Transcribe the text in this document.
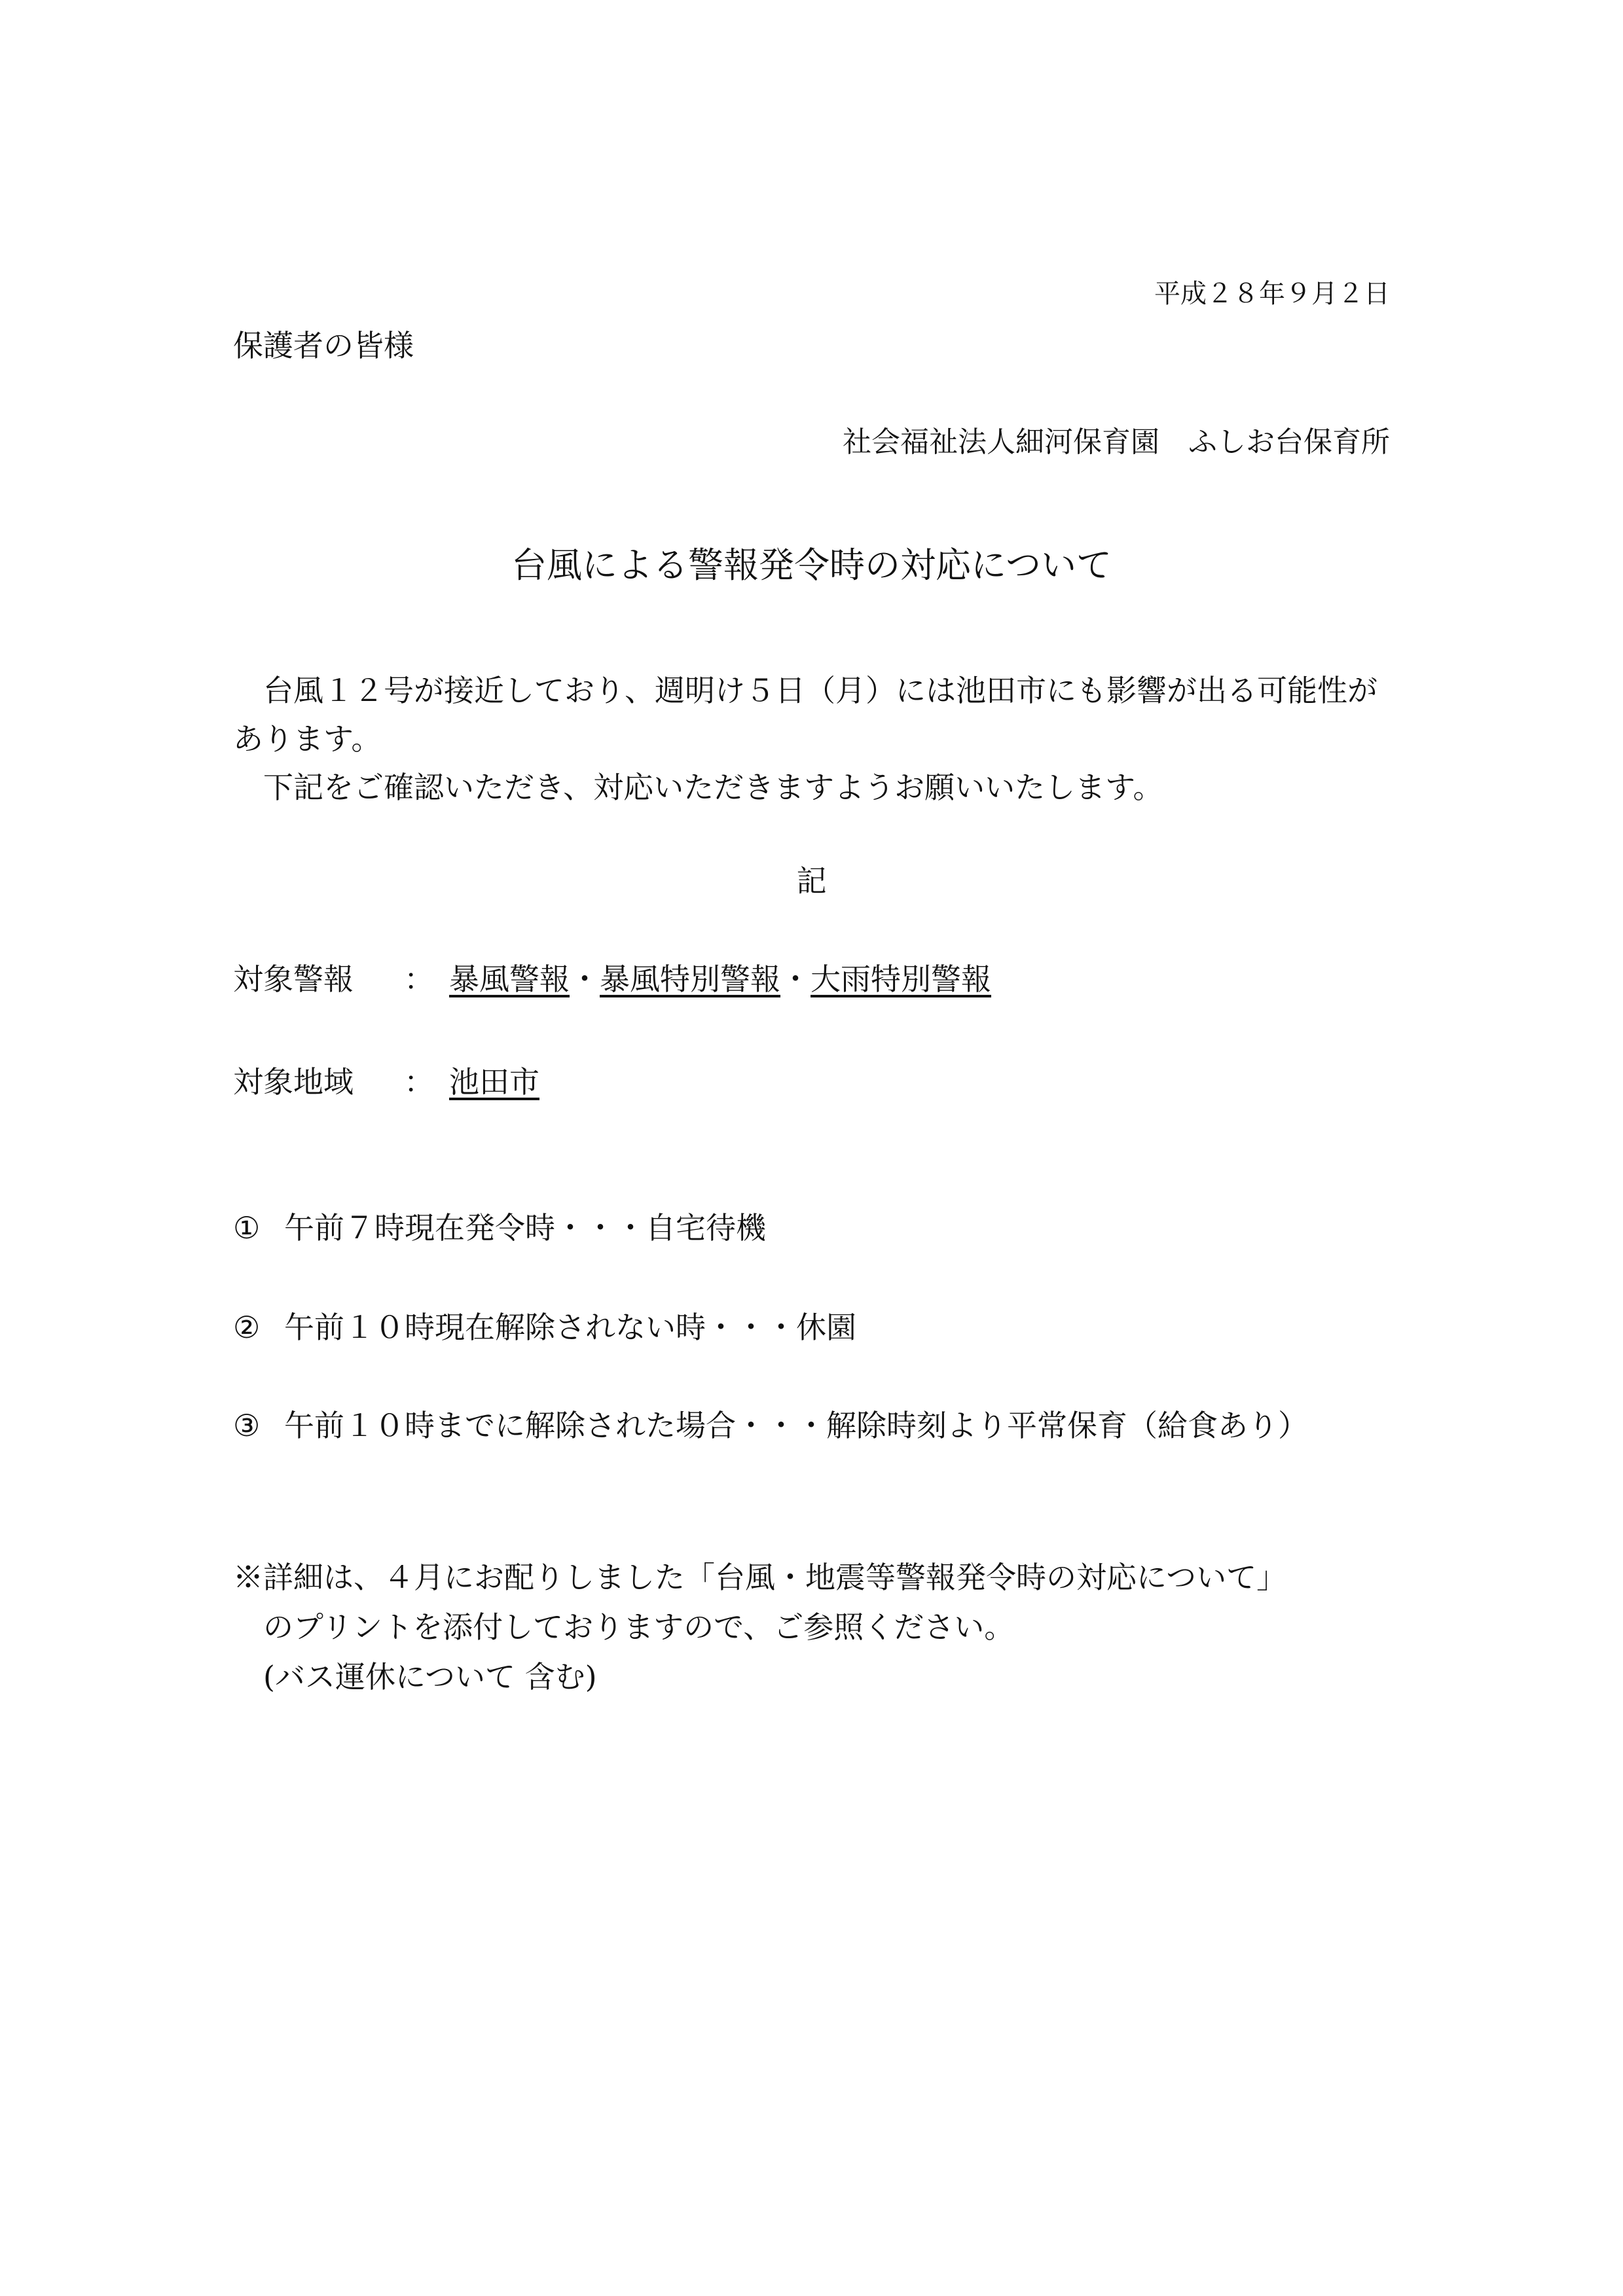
平成２８年９月２日
保護者の皆様
社会福祉法人細河保育園　ふしお台保育所
台風による警報発令時の対応について

台風１２号が接近しており、週明け５日（月）には池田市にも影響が出る可能性があります。

下記をご確認いただき、対応いただきますようお願いいたします。

記
対象警報 ： 暴風警報・暴風特別警報・大雨特別警報
対象地域 ： 池田市
① 午前７時現在発令時・・・自宅待機
② 午前１０時現在解除されない時・・・休園
③ 午前１０時までに解除された場合・・・解除時刻より平常保育（給食あり）

※詳細は、４月にお配りしました「台風・地震等警報発令時の対応について」

のプリントを添付しておりますので、ご参照ください。

(バス運休について 含む)
